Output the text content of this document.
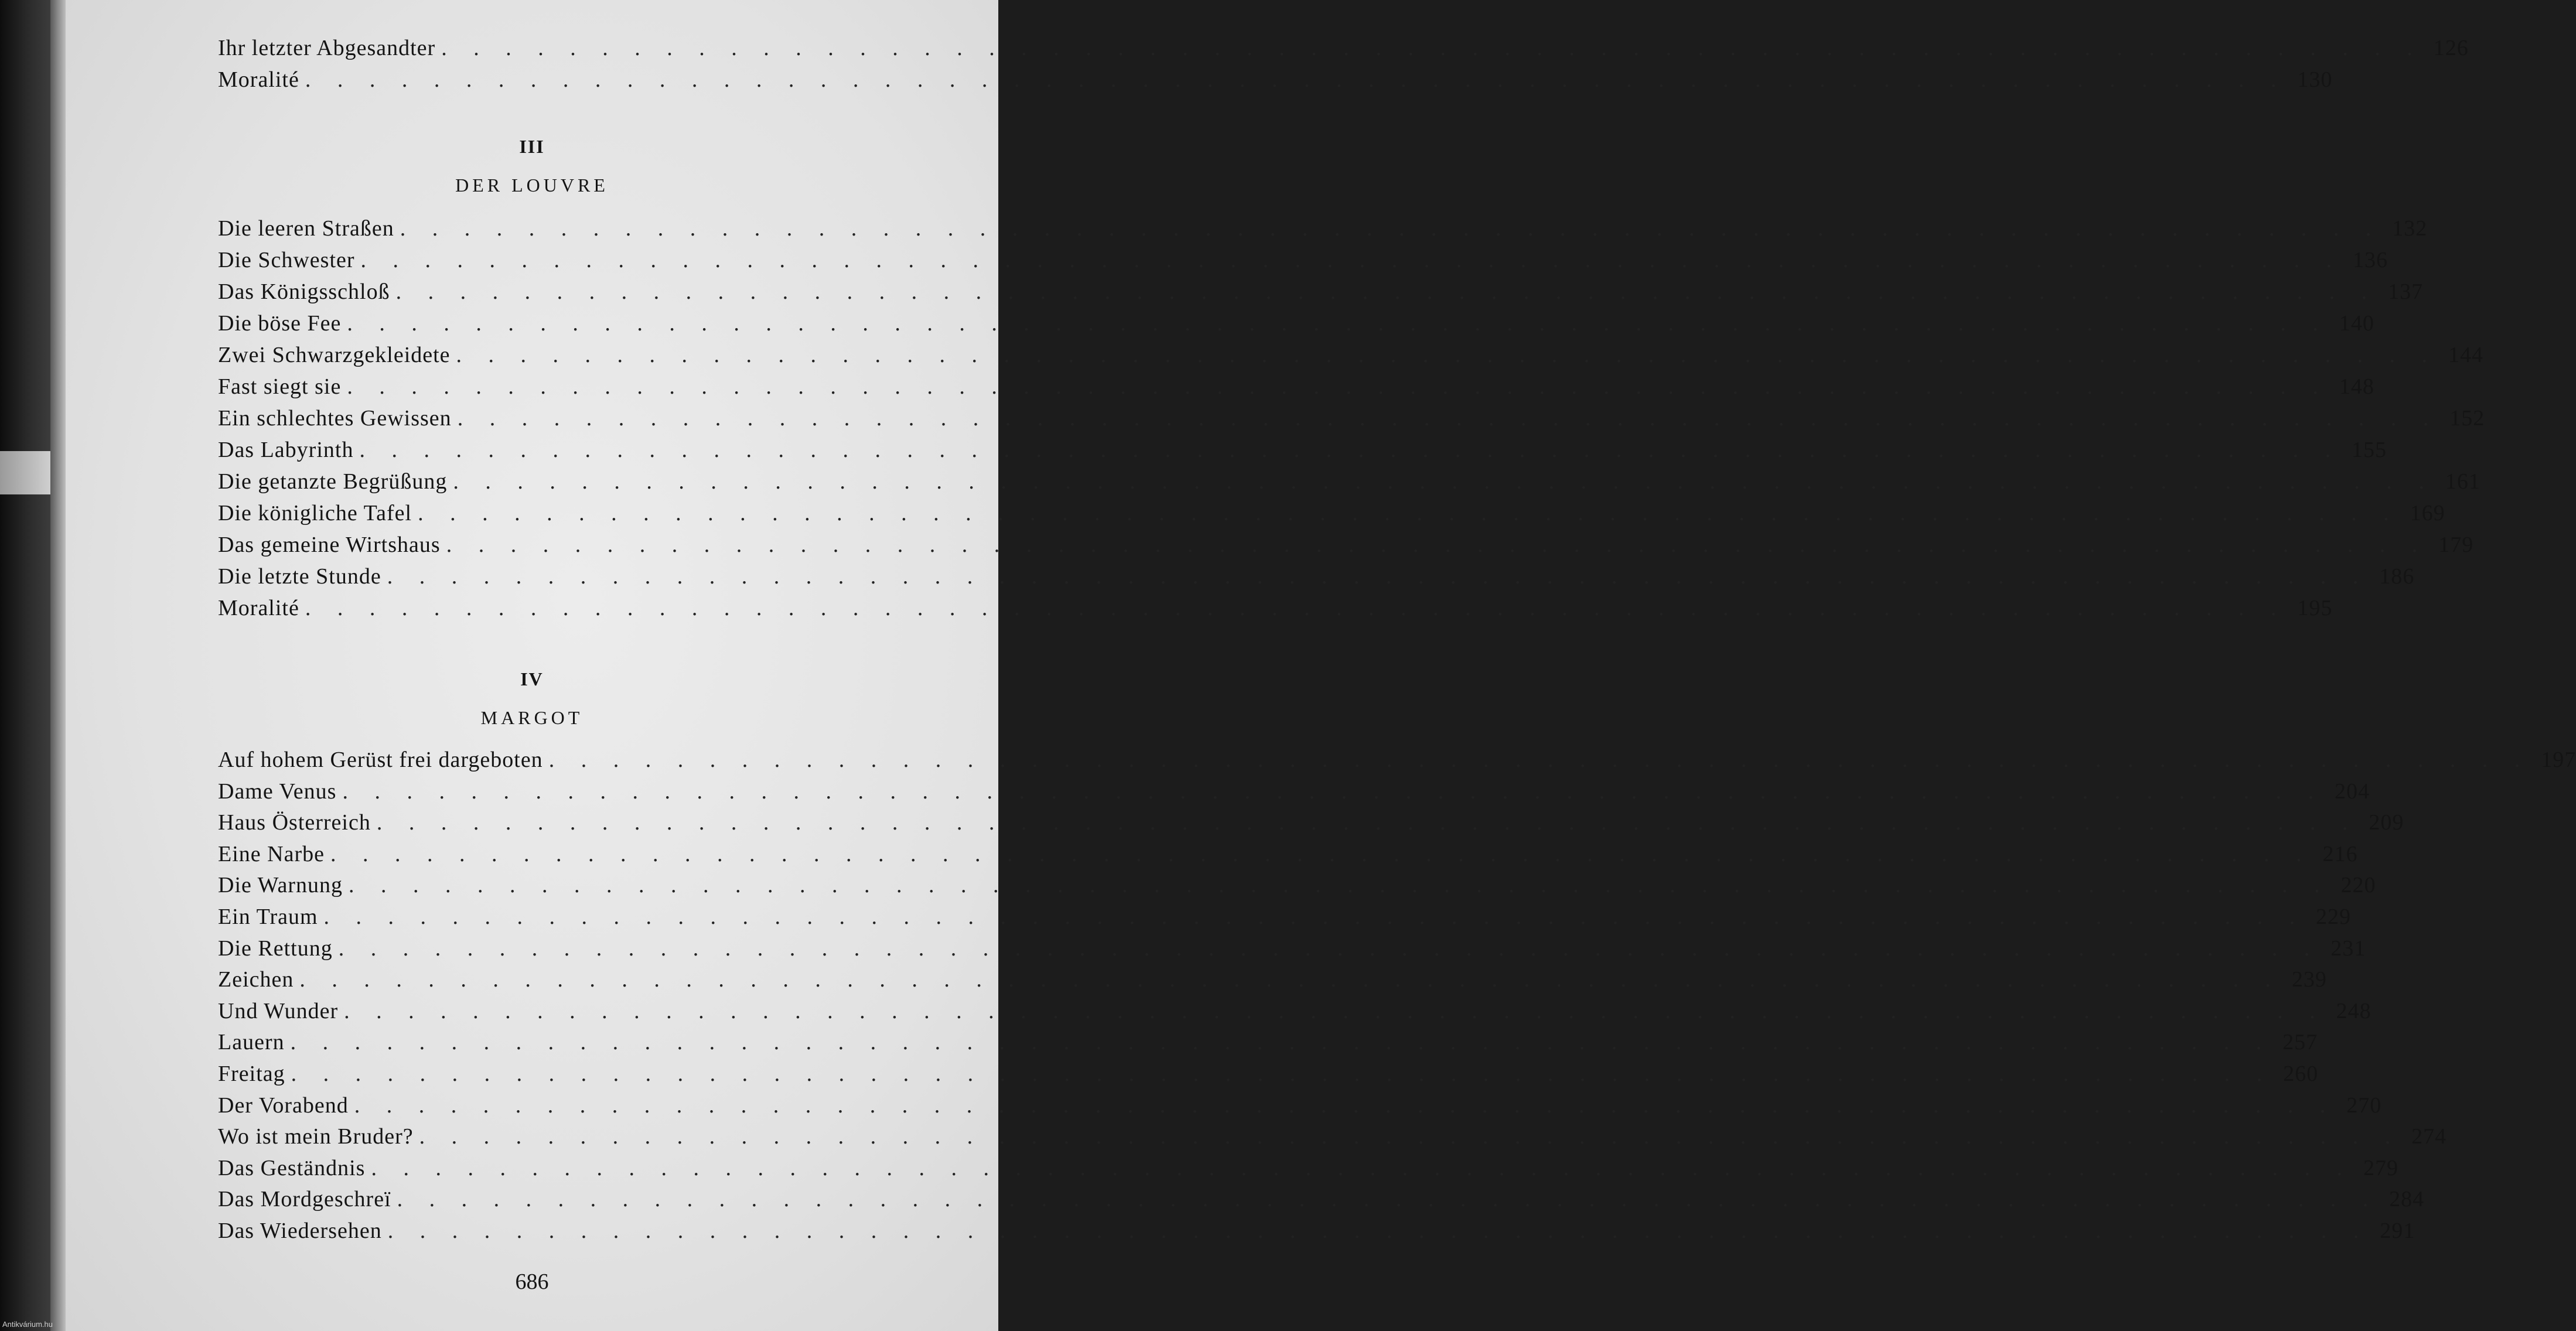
Ihr letzter Abgesandter . . . . . . . . . . . . . . . . . . . . . . . . . . . . . . . . . . . . . . . . . . . . . . . . . . . . . . . . . . . . . . 126
Moralité . . . . . . . . . . . . . . . . . . . . . . . . . . . . . . . . . . . . . . . . . . . . . . . . . . . . . . . . . . . . . . 130
III
DER LOUVRE
Die leeren Straßen . . . . . . . . . . . . . . . . . . . . . . . . . . . . . . . . . . . . . . . . . . . . . . . . . . . . . . . . . . . . . . 132
Die Schwester . . . . . . . . . . . . . . . . . . . . . . . . . . . . . . . . . . . . . . . . . . . . . . . . . . . . . . . . . . . . . . 136
Das Königsschloß . . . . . . . . . . . . . . . . . . . . . . . . . . . . . . . . . . . . . . . . . . . . . . . . . . . . . . . . . . . . . . 137
Die böse Fee . . . . . . . . . . . . . . . . . . . . . . . . . . . . . . . . . . . . . . . . . . . . . . . . . . . . . . . . . . . . . . 140
Zwei Schwarzgekleidete . . . . . . . . . . . . . . . . . . . . . . . . . . . . . . . . . . . . . . . . . . . . . . . . . . . . . . . . . . . . . . 144
Fast siegt sie . . . . . . . . . . . . . . . . . . . . . . . . . . . . . . . . . . . . . . . . . . . . . . . . . . . . . . . . . . . . . . 148
Ein schlechtes Gewissen . . . . . . . . . . . . . . . . . . . . . . . . . . . . . . . . . . . . . . . . . . . . . . . . . . . . . . . . . . . . . . 152
Das Labyrinth . . . . . . . . . . . . . . . . . . . . . . . . . . . . . . . . . . . . . . . . . . . . . . . . . . . . . . . . . . . . . . 155
Die getanzte Begrüßung . . . . . . . . . . . . . . . . . . . . . . . . . . . . . . . . . . . . . . . . . . . . . . . . . . . . . . . . . . . . . . 161
Die königliche Tafel . . . . . . . . . . . . . . . . . . . . . . . . . . . . . . . . . . . . . . . . . . . . . . . . . . . . . . . . . . . . . . 169
Das gemeine Wirtshaus . . . . . . . . . . . . . . . . . . . . . . . . . . . . . . . . . . . . . . . . . . . . . . . . . . . . . . . . . . . . . . 179
Die letzte Stunde . . . . . . . . . . . . . . . . . . . . . . . . . . . . . . . . . . . . . . . . . . . . . . . . . . . . . . . . . . . . . . 186
Moralité . . . . . . . . . . . . . . . . . . . . . . . . . . . . . . . . . . . . . . . . . . . . . . . . . . . . . . . . . . . . . . 195
IV
MARGOT
Auf hohem Gerüst frei dargeboten . . . . . . . . . . . . . . . . . . . . . . . . . . . . . . . . . . . . . . . . . . . . . . . . . . . . . . . . . . . . . . 197
Dame Venus . . . . . . . . . . . . . . . . . . . . . . . . . . . . . . . . . . . . . . . . . . . . . . . . . . . . . . . . . . . . . . 204
Haus Österreich . . . . . . . . . . . . . . . . . . . . . . . . . . . . . . . . . . . . . . . . . . . . . . . . . . . . . . . . . . . . . . 209
Eine Narbe . . . . . . . . . . . . . . . . . . . . . . . . . . . . . . . . . . . . . . . . . . . . . . . . . . . . . . . . . . . . . . 216
Die Warnung . . . . . . . . . . . . . . . . . . . . . . . . . . . . . . . . . . . . . . . . . . . . . . . . . . . . . . . . . . . . . . 220
Ein Traum . . . . . . . . . . . . . . . . . . . . . . . . . . . . . . . . . . . . . . . . . . . . . . . . . . . . . . . . . . . . . . 229
Die Rettung . . . . . . . . . . . . . . . . . . . . . . . . . . . . . . . . . . . . . . . . . . . . . . . . . . . . . . . . . . . . . . 231
Zeichen . . . . . . . . . . . . . . . . . . . . . . . . . . . . . . . . . . . . . . . . . . . . . . . . . . . . . . . . . . . . . . 239
Und Wunder . . . . . . . . . . . . . . . . . . . . . . . . . . . . . . . . . . . . . . . . . . . . . . . . . . . . . . . . . . . . . . 248
Lauern . . . . . . . . . . . . . . . . . . . . . . . . . . . . . . . . . . . . . . . . . . . . . . . . . . . . . . . . . . . . . . 257
Freitag . . . . . . . . . . . . . . . . . . . . . . . . . . . . . . . . . . . . . . . . . . . . . . . . . . . . . . . . . . . . . . 260
Der Vorabend . . . . . . . . . . . . . . . . . . . . . . . . . . . . . . . . . . . . . . . . . . . . . . . . . . . . . . . . . . . . . . 270
Wo ist mein Bruder? . . . . . . . . . . . . . . . . . . . . . . . . . . . . . . . . . . . . . . . . . . . . . . . . . . . . . . . . . . . . . . 274
Das Geständnis . . . . . . . . . . . . . . . . . . . . . . . . . . . . . . . . . . . . . . . . . . . . . . . . . . . . . . . . . . . . . . 279
Das Mordgeschreï . . . . . . . . . . . . . . . . . . . . . . . . . . . . . . . . . . . . . . . . . . . . . . . . . . . . . . . . . . . . . . 284
Das Wiedersehen . . . . . . . . . . . . . . . . . . . . . . . . . . . . . . . . . . . . . . . . . . . . . . . . . . . . . . . . . . . . . . 291
686
Antikvárium.hu
